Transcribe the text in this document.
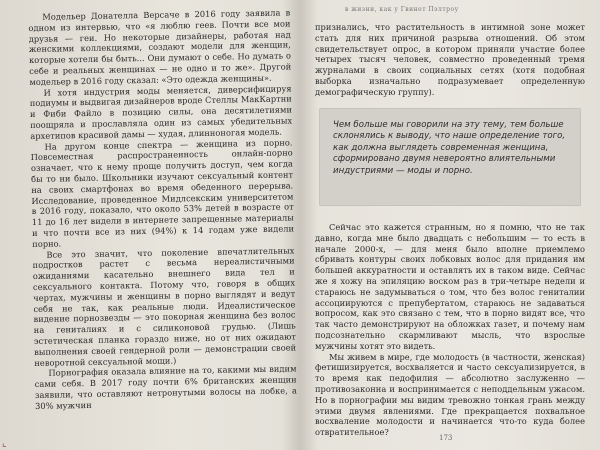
Модельер Донателла Версаче в 2016 году заявила в одном из интервью, что «я люблю геев. Почти все мои друзья — геи. Но некоторые дизайнеры, работая над женскими коллекциями, создают модели для женщин, которые хотели бы быть... Они думают о себе. Но думать о себе и реальных женщинах — не одно и то же». Другой модельер в 2016 году сказал: «Это одежда женщины».

И хотя индустрия моды меняется, диверсифицируя подиумы и выдвигая дизайнеров вроде Стеллы МакКартни и Фиби Файло в позицию силы, она десятилетиями поощряла и прославляла один из самых убедительных архетипов красивой дамы — худая, длинноногая модель.

На другом конце спектра — женщина из порно. Повсеместная распространенность онлайн-порно означает, что к нему проще получить доступ, чем когда бы то ни было. Школьники изучают сексуальный контент на своих смартфонах во время обеденного перерыва. Исследование, проведенное Мидлсекским университетом в 2016 году, показало, что около 53% детей в возрасте от 11 до 16 лет видели в интернете запрещенные материалы и что почти все из них (94%) к 14 годам уже видели порно.

Все это значит, что поколение впечатлительных подростков растет с весьма нереалистичными ожиданиями касательно внешнего вида тел и сексуального контакта. Потому что, говоря в общих чертах, мужчины и женщины в порно выглядят и ведут себя не так, как реальные люди. Идеалистическое видение порнозвезды — это покорная женщина без волос на гениталиях и с силиконовой грудью. (Лишь эстетическая планка гораздо ниже, но от них ожидают выполнения своей гендерной роли — демонстрации своей неворотной сексуальной мощи.)

Порнография оказала влияние на то, какими мы видим сами себя. В 2017 году почти 6% британских женщин заявили, что оставляют нетронутыми волосы на лобке, а 30% мужчин

в жизни, как у Гвинет Пэлтроу

признались, что растительность в интимной зоне может стать для них причиной разрыва отношений. Об этом свидетельствует опрос, в котором приняли участие более четырех тысяч человек, совместно проведенный тремя журналами в своих социальных сетях (хотя подобная выборка изначально подразумевает определенную демографическую группу).

Чем больше мы говорили на эту тему, тем больше склонялись к выводу, что наше определение того, как должна выглядеть современная женщина, сформировано двумя невероятно влиятельными индустриями — моды и порно.

Сейчас это кажется странным, но я помню, что не так давно, когда мне было двадцать с небольшим — то есть в начале 2000-х, — для меня было вполне приемлемо сбривать контуры своих лобковых волос для придания им большей аккуратности и оставлять их в таком виде. Сейчас же я хожу на эпиляцию воском раз в три-четыре недели и стараюсь не задумываться о том, что без волос гениталии ассоциируются с препубертатом, стараюсь не задаваться вопросом, как это связано с тем, что в порно видят все, что так часто демонстрируют на обложках газет, и почему нам подсознательно скармливают мысль, что взрослые мужчины хотят это видеть.

Мы живем в мире, где молодость (в частности, женская) фетишизируется, восхваляется и часто сексуализируется, в то время как педофилия — абсолютно заслуженно — противозаконна и воспринимается с неподдельным ужасом. Но в порнографии мы видим тревожно тонкая грань между этими двумя явлениями. Где прекращается похвальное восхваление молодости и начинается что-то куда более отвратительное?

173
⌞
